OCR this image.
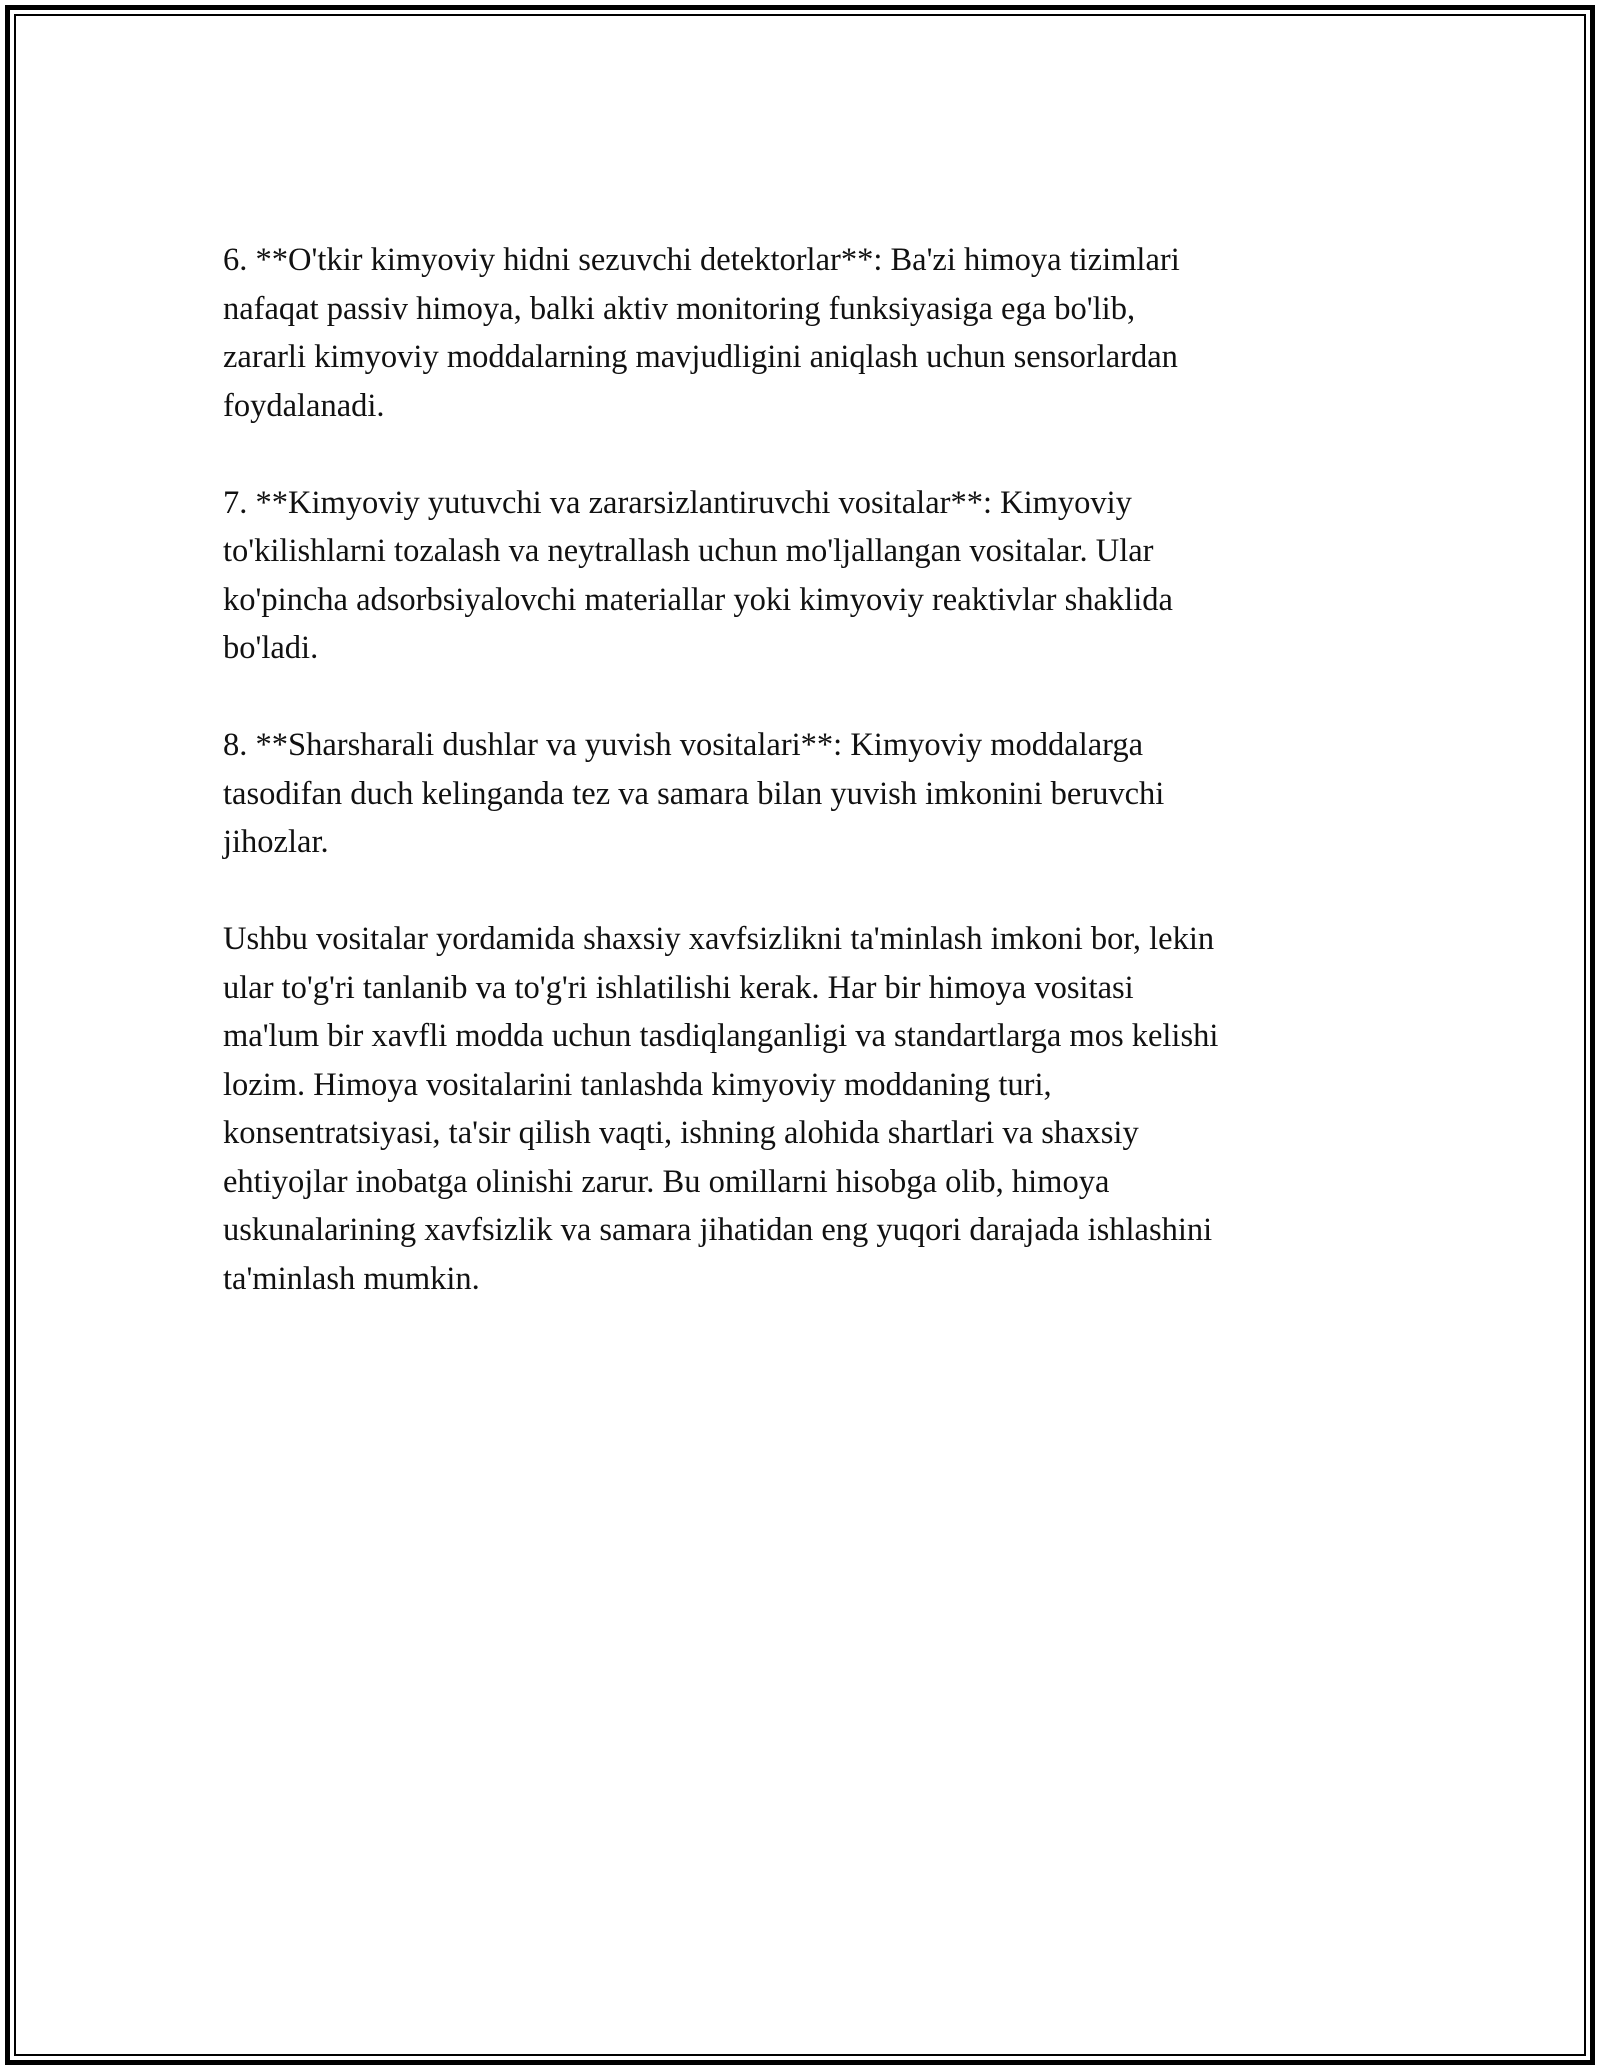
6. **O'tkir kimyoviy hidni sezuvchi detektorlar**: Ba'zi himoya tizimlari
nafaqat passiv himoya, balki aktiv monitoring funksiyasiga ega bo'lib,
zararli kimyoviy moddalarning mavjudligini aniqlash uchun sensorlardan
foydalanadi.

7. **Kimyoviy yutuvchi va zararsizlantiruvchi vositalar**: Kimyoviy
to'kilishlarni tozalash va neytrallash uchun mo'ljallangan vositalar. Ular
ko'pincha adsorbsiyalovchi materiallar yoki kimyoviy reaktivlar shaklida
bo'ladi.

8. **Sharsharali dushlar va yuvish vositalari**: Kimyoviy moddalarga
tasodifan duch kelinganda tez va samara bilan yuvish imkonini beruvchi
jihozlar.

Ushbu vositalar yordamida shaxsiy xavfsizlikni ta'minlash imkoni bor, lekin
ular to'g'ri tanlanib va to'g'ri ishlatilishi kerak. Har bir himoya vositasi
ma'lum bir xavfli modda uchun tasdiqlanganligi va standartlarga mos kelishi
lozim. Himoya vositalarini tanlashda kimyoviy moddaning turi,
konsentratsiyasi, ta'sir qilish vaqti, ishning alohida shartlari va shaxsiy
ehtiyojlar inobatga olinishi zarur. Bu omillarni hisobga olib, himoya
uskunalarining xavfsizlik va samara jihatidan eng yuqori darajada ishlashini
ta'minlash mumkin.
